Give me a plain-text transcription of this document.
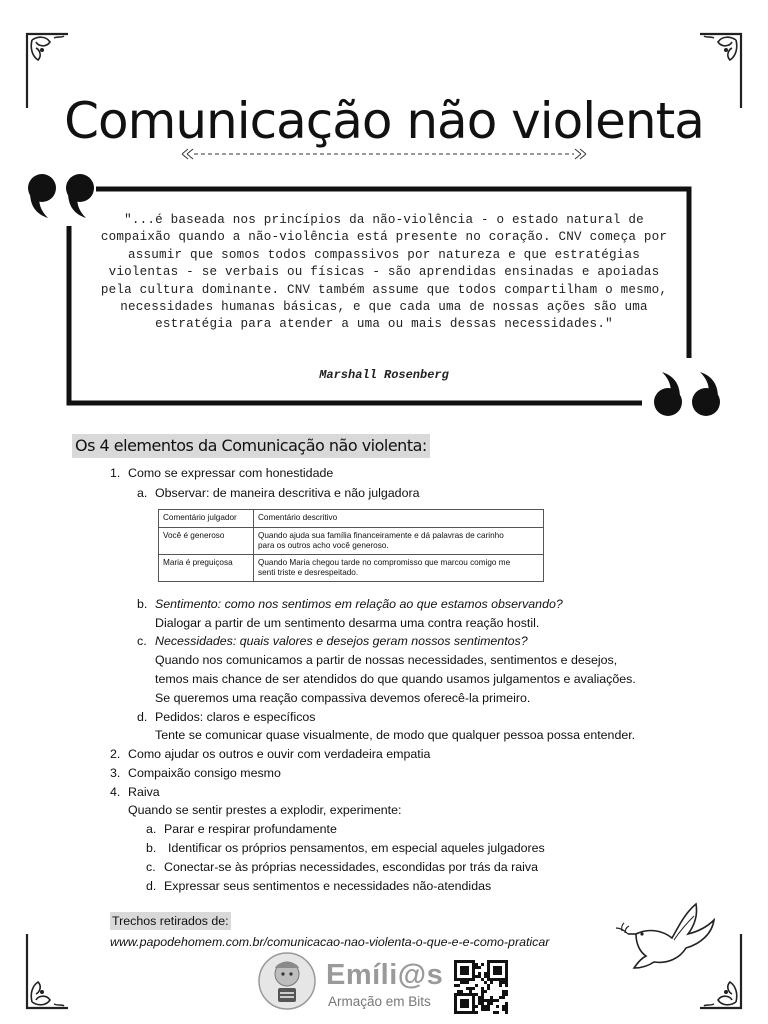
Comunicação não violenta
"...é baseada nos princípios da não-violência - o estado natural de compaixão quando a não-violência está presente no coração. CNV começa por assumir que somos todos compassivos por natureza e que estratégias violentas - se verbais ou físicas - são aprendidas ensinadas e apoiadas pela cultura dominante. CNV também assume que todos compartilham o mesmo, necessidades humanas básicas, e que cada uma de nossas ações são uma estratégia para atender a uma ou mais dessas necessidades."
Marshall Rosenberg
Os 4 elementos da Comunicação não violenta:
1. Como se expressar com honestidade
a. Observar: de maneira descritiva e não julgadora
Comentário julgador	Comentário descritivo
Você é generoso	Quando ajuda sua família financeiramente e dá palavras de carinho
para os outros acho você generoso.
Maria é preguiçosa	Quando Maria chegou tarde no compromisso que marcou comigo me
senti triste e desrespeitado.
b. Sentimento: como nos sentimos em relação ao que estamos observando?
Dialogar a partir de um sentimento desarma uma contra reação hostil.
c. Necessidades: quais valores e desejos geram nossos sentimentos?
Quando nos comunicamos a partir de nossas necessidades, sentimentos e desejos,
temos mais chance de ser atendidos do que quando usamos julgamentos e avaliações.
Se queremos uma reação compassiva devemos oferecê-la primeiro.
d. Pedidos: claros e específicos
Tente se comunicar quase visualmente, de modo que qualquer pessoa possa entender.
2. Como ajudar os outros e ouvir com verdadeira empatia
3. Compaixão consigo mesmo
4. Raiva
Quando se sentir prestes a explodir, experimente:
a. Parar e respirar profundamente
b. Identificar os próprios pensamentos, em especial aqueles julgadores
c. Conectar-se às próprias necessidades, escondidas por trás da raiva
d. Expressar seus sentimentos e necessidades não-atendidas
Trechos retirados de:
www.papodehomem.com.br/comunicacao-nao-violenta-o-que-e-e-como-praticar
Emíli@s
Armação em Bits
